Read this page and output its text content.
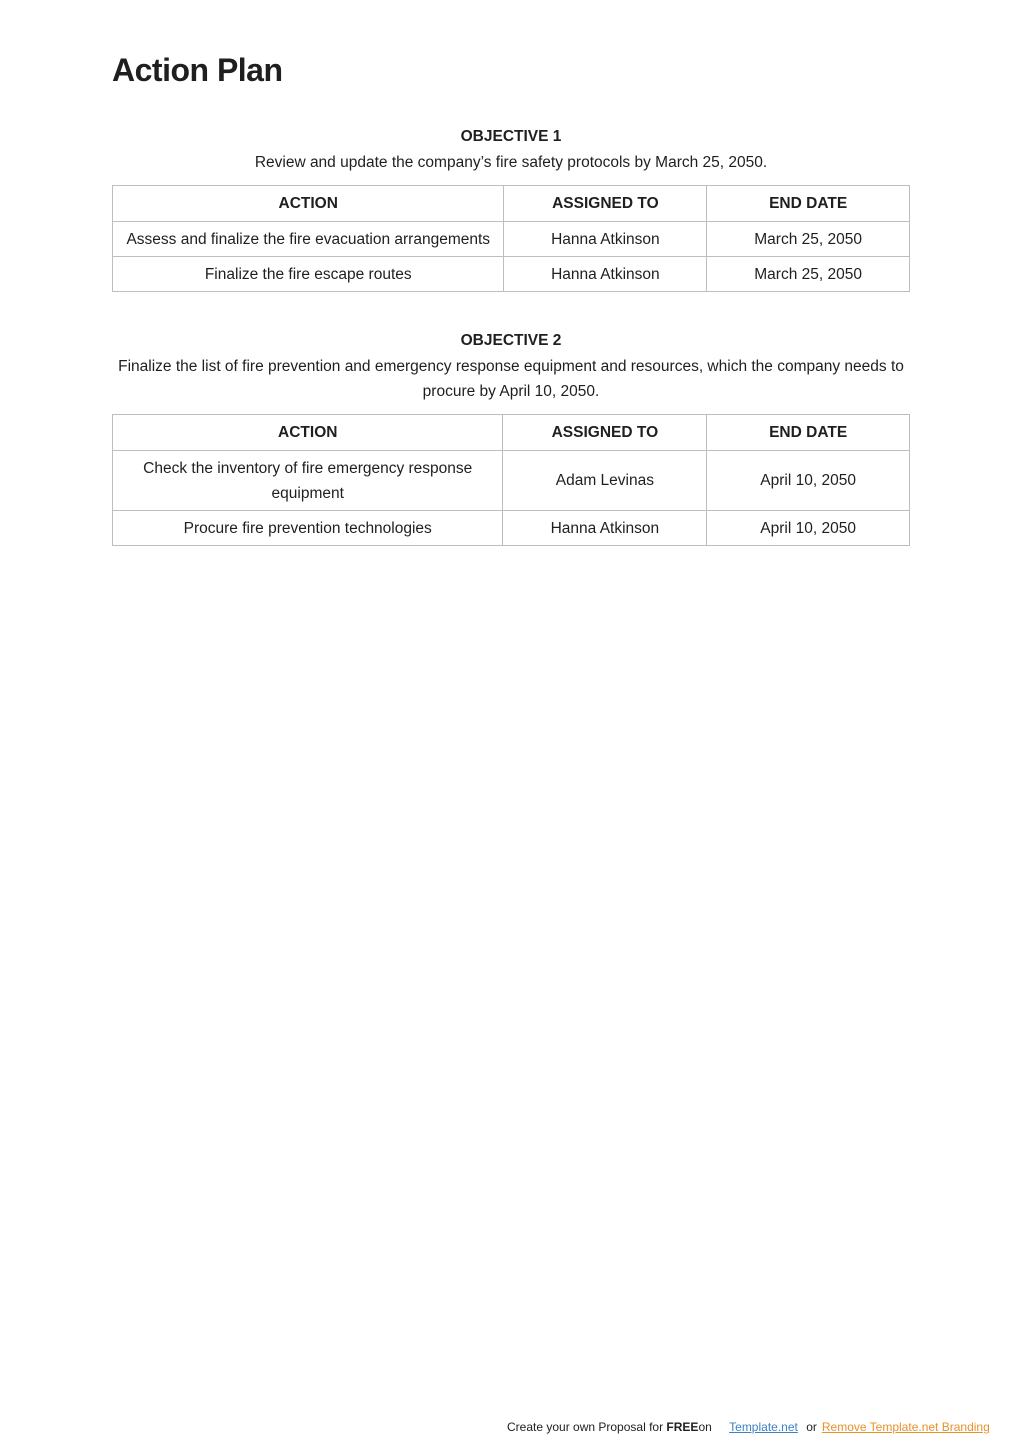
Action Plan
OBJECTIVE 1
Review and update the company’s fire safety protocols by March 25, 2050.
ACTION	ASSIGNED TO	END DATE
Assess and finalize the fire evacuation arrangements	Hanna Atkinson	March 25, 2050
Finalize the fire escape routes	Hanna Atkinson	March 25, 2050
OBJECTIVE 2
Finalize the list of fire prevention and emergency response equipment and resources, which the company needs to procure by April 10, 2050.
ACTION	ASSIGNED TO	END DATE
Check the inventory of fire emergency response equipment	Adam Levinas	April 10, 2050
Procure fire prevention technologies	Hanna Atkinson	April 10, 2050
Create your own Proposal for FREEon Template.net or Remove Template.net Branding
